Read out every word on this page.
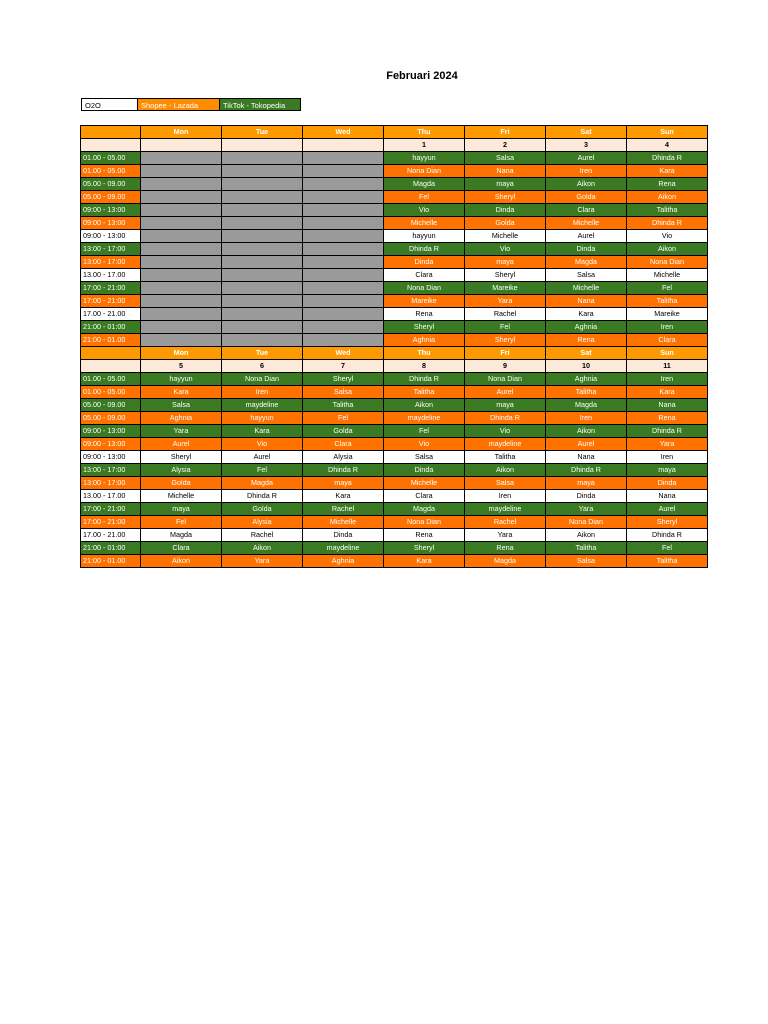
Februari 2024
O2O	Shopee - Lazada	TikTok - Tokopedia
	Mon	Tue	Wed	Thu	Fri	Sat	Sun
				1	2	3	4
01.00 - 05.00				hayyun	Salsa	Aurel	Dhinda R
01.00 - 05.00				Nona Dian	Nana	Iren	Kara
05.00 - 09.00				Magda	maya	Aikon	Rena
05.00 - 09.00				Fel	Sheryl	Golda	Aikon
09:00 - 13:00				Vio	Dinda	Clara	Talitha
09:00 - 13:00				Michelle	Golda	Michelle	Dhinda R
09:00 - 13:00				hayyun	Michelle	Aurel	Vio
13:00 - 17:00				Dhinda R	Vio	Dinda	Aikon
13:00 - 17:00				Dinda	maya	Magda	Nona Dian
13.00 - 17.00				Clara	Sheryl	Salsa	Michelle
17:00 - 21:00				Nona Dian	Mareike	Michelle	Fel
17:00 - 21:00				Mareike	Yara	Nana	Talitha
17.00 - 21.00				Rena	Rachel	Kara	Mareike
21:00 - 01:00				Sheryl	Fel	Aghnia	Iren
21:00 - 01.00				Aghnia	Sheryl	Rena	Clara
	Mon	Tue	Wed	Thu	Fri	Sat	Sun
	5	6	7	8	9	10	11
01.00 - 05.00	hayyun	Nona Dian	Sheryl	Dhinda R	Nona Dian	Aghnia	Iren
01.00 - 05.00	Kara	Iren	Salsa	Talitha	Aurel	Talitha	Kara
05.00 - 09.00	Salsa	maydeline	Talitha	Aikon	maya	Magda	Nana
05.00 - 09.00	Aghnia	hayyun	Fel	maydeline	Dhinda R	Iren	Rena
09:00 - 13:00	Yara	Kara	Golda	Fel	Vio	Aikon	Dhinda R
09:00 - 13:00	Aurel	Vio	Clara	Vio	maydeline	Aurel	Yara
09:00 - 13:00	Sheryl	Aurel	Alysia	Salsa	Talitha	Nana	Iren
13:00 - 17:00	Alysia	Fel	Dhinda R	Dinda	Aikon	Dhinda R	maya
13:00 - 17:00	Golda	Magda	maya	Michelle	Salsa	maya	Dinda
13.00 - 17.00	Michelle	Dhinda R	Kara	Clara	Iren	Dinda	Nana
17:00 - 21:00	maya	Golda	Rachel	Magda	maydeline	Yara	Aurel
17:00 - 21:00	Fel	Alysia	Michelle	Nona Dian	Rachel	Nona Dian	Sheryl
17.00 - 21.00	Magda	Rachel	Dinda	Rena	Yara	Aikon	Dhinda R
21:00 - 01:00	Clara	Aikon	maydeline	Sheryl	Rena	Talitha	Fel
21:00 - 01.00	Aikon	Yara	Aghnia	Kara	Magda	Salsa	Talitha
